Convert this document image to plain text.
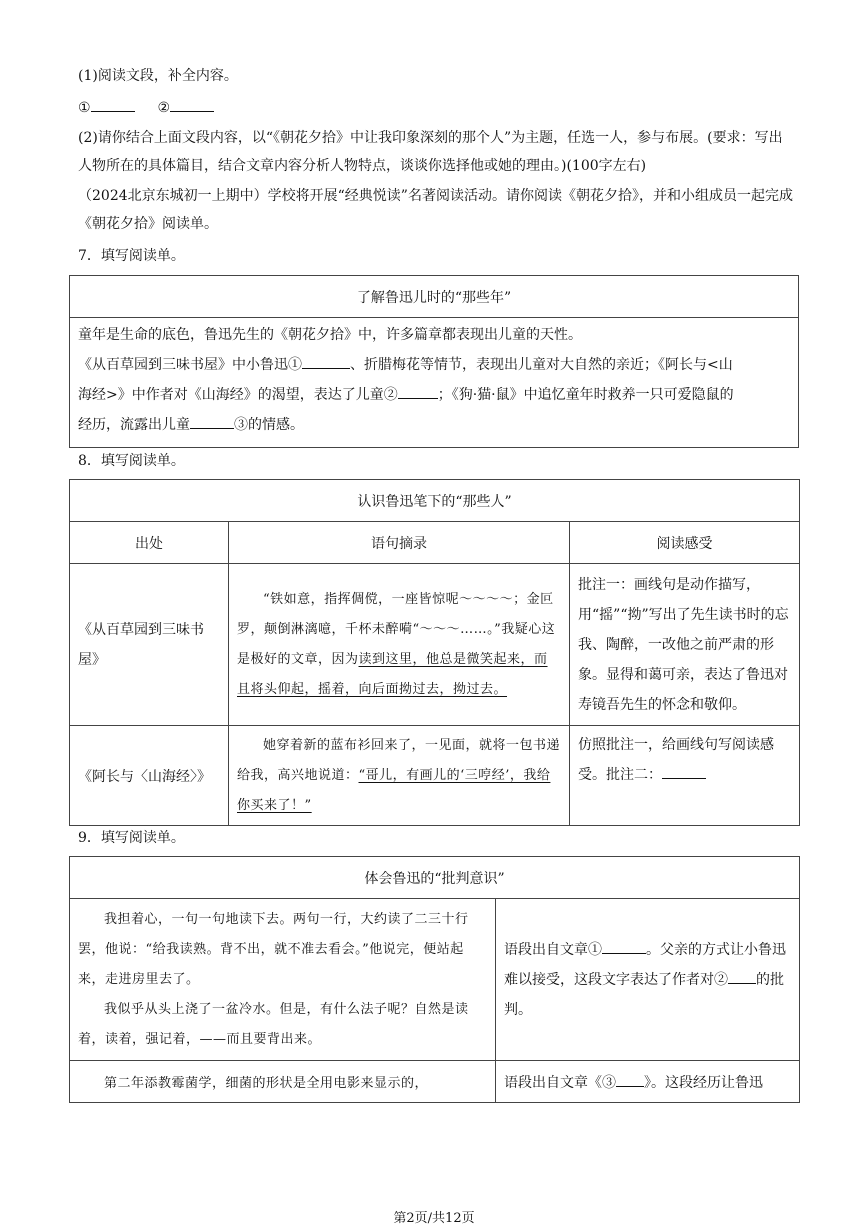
(1)阅读文段，补全内容。

①	②

(2)请你结合上面文段内容，以“《朝花夕拾》中让我印象深刻的那个人”为主题，任选一人，参与布展。(要求：写出人物所在的具体篇目，结合文章内容分析人物特点，谈谈你选择他或她的理由。)(100字左右)

（2024北京东城初一上期中）学校将开展“经典悦读”名著阅读活动。请你阅读《朝花夕拾》，并和小组成员一起完成《朝花夕拾》阅读单。

7．填写阅读单。

了解鲁迅儿时的“那些年”

童年是生命的底色，鲁迅先生的《朝花夕拾》中，许多篇章都表现出儿童的天性。
《从百草园到三味书屋》中小鲁迅①	、折腊梅花等情节，表现出儿童对大自然的亲近；《阿长与<山
海经>》中作者对《山海经》的渴望，表达了儿童②	；《狗·猫·鼠》中追忆童年时救养一只可爱隐鼠的
经历，流露出儿童	③的情感。

8．填写阅读单。

认识鲁迅笔下的“那些人”		
出处	语句摘录	阅读感受
《从百草园到三味书屋》	“铁如意，指挥倜傥，一座皆惊呢～～～～；金叵罗，颠倒淋漓噫，千杯未醉嗬“～～～……。”我疑心这是极好的文章，因为读到这里，他总是微笑起来，而且将头仰起，摇着，向后面拗过去，拗过去。	批注一：画线句是动作描写，用“摇”“拗”写出了先生读书时的忘我、陶醉，一改他之前严肃的形象。显得和蔼可亲，表达了鲁迅对寿镜吾先生的怀念和敬仰。
《阿长与〈山海经〉》	她穿着新的蓝布衫回来了，一见面，就将一包书递给我，高兴地说道：“哥儿，有画儿的‘三哼经’，我给你买来了！”	仿照批注一，给画线句写阅读感受。批注二：

9．填写阅读单。

体会鲁迅的“批判意识”	

我担着心，一句一句地读下去。两句一行，大约读了二三十行罢，他说：“给我读熟。背不出，就不准去看会。”他说完，便站起来，走进房里去了。
我似乎从头上浇了一盆冷水。但是，有什么法子呢？自然是读着，读着，强记着，——而且要背出来。	语段出自文章① 。父亲的方式让小鲁迅难以接受，这段文字表达了作者对② 的批判。
第二年添教霉菌学，细菌的形状是全用电影来显示的，	语段出自文章《③ 》。这段经历让鲁迅
第2页/共12页
